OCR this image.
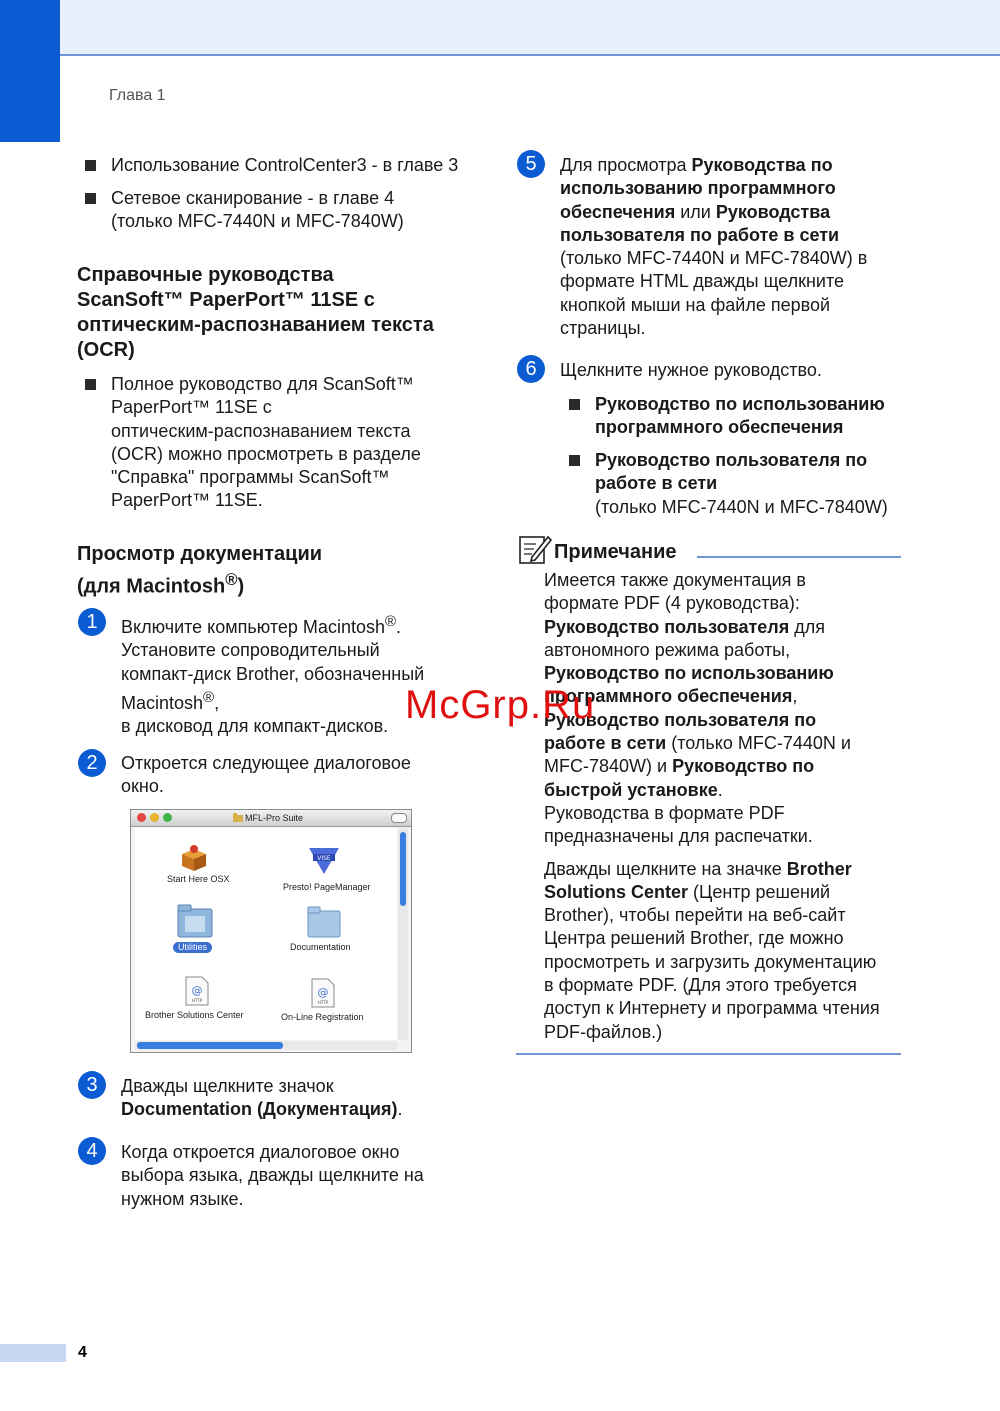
Глава 1
4
Использование ControlCenter3 - в главе 3
Сетевое сканирование - в главе 4
(только MFC-7440N и MFC-7840W)
Справочные руководства
ScanSoft™ PaperPort™ 11SE с
оптическим-распознаванием текста
(OCR)
Полное руководство для ScanSoft™
PaperPort™ 11SE с
оптическим-распознаванием текста
(OCR) можно просмотреть в разделе
"Справка" программы ScanSoft™
PaperPort™ 11SE.
Просмотр документации
(для Macintosh®)
1	Включите компьютер Macintosh®.
Установите сопроводительный
компакт-диск Brother, обозначенный
Macintosh®,
в дисковод для компакт-дисков.
2	Откроется следующее диалоговое
окно.
MFL-Pro Suite
Start Here OSX
VISE
Presto! PageManager
Utilities	Documentation
@
HTTP
Brother Solutions Center
@
HTTP
On-Line Registration
3	Дважды щелкните значок
Documentation (Документация).
4	Когда откроется диалоговое окно
выбора языка, дважды щелкните на
нужном языке.
5	Для просмотра Руководства по
использованию программного
обеспечения или Руководства
пользователя по работе в сети
(только MFC-7440N и MFC-7840W) в
формате HTML дважды щелкните
кнопкой мыши на файле первой
страницы.
6	Щелкните нужное руководство.
Руководство по использованию
программного обеспечения
Руководство пользователя по
работе в сети
(только MFC-7440N и MFC-7840W)
Примечание

Имеется также документация в
формате PDF (4 руководства):
Руководство пользователя для
автономного режима работы,
Руководство по использованию
программного обеспечения,
Руководство пользователя по
работе в сети (только MFC-7440N и
MFC-7840W) и Руководство по
быстрой установке.
Руководства в формате PDF
предназначены для распечатки.

Дважды щелкните на значке Brother
Solutions Center (Центр решений
Brother), чтобы перейти на веб-сайт
Центра решений Brother, где можно
просмотреть и загрузить документацию
в формате PDF. (Для этого требуется
доступ к Интернету и программа чтения
PDF-файлов.)

McGrp.Ru
